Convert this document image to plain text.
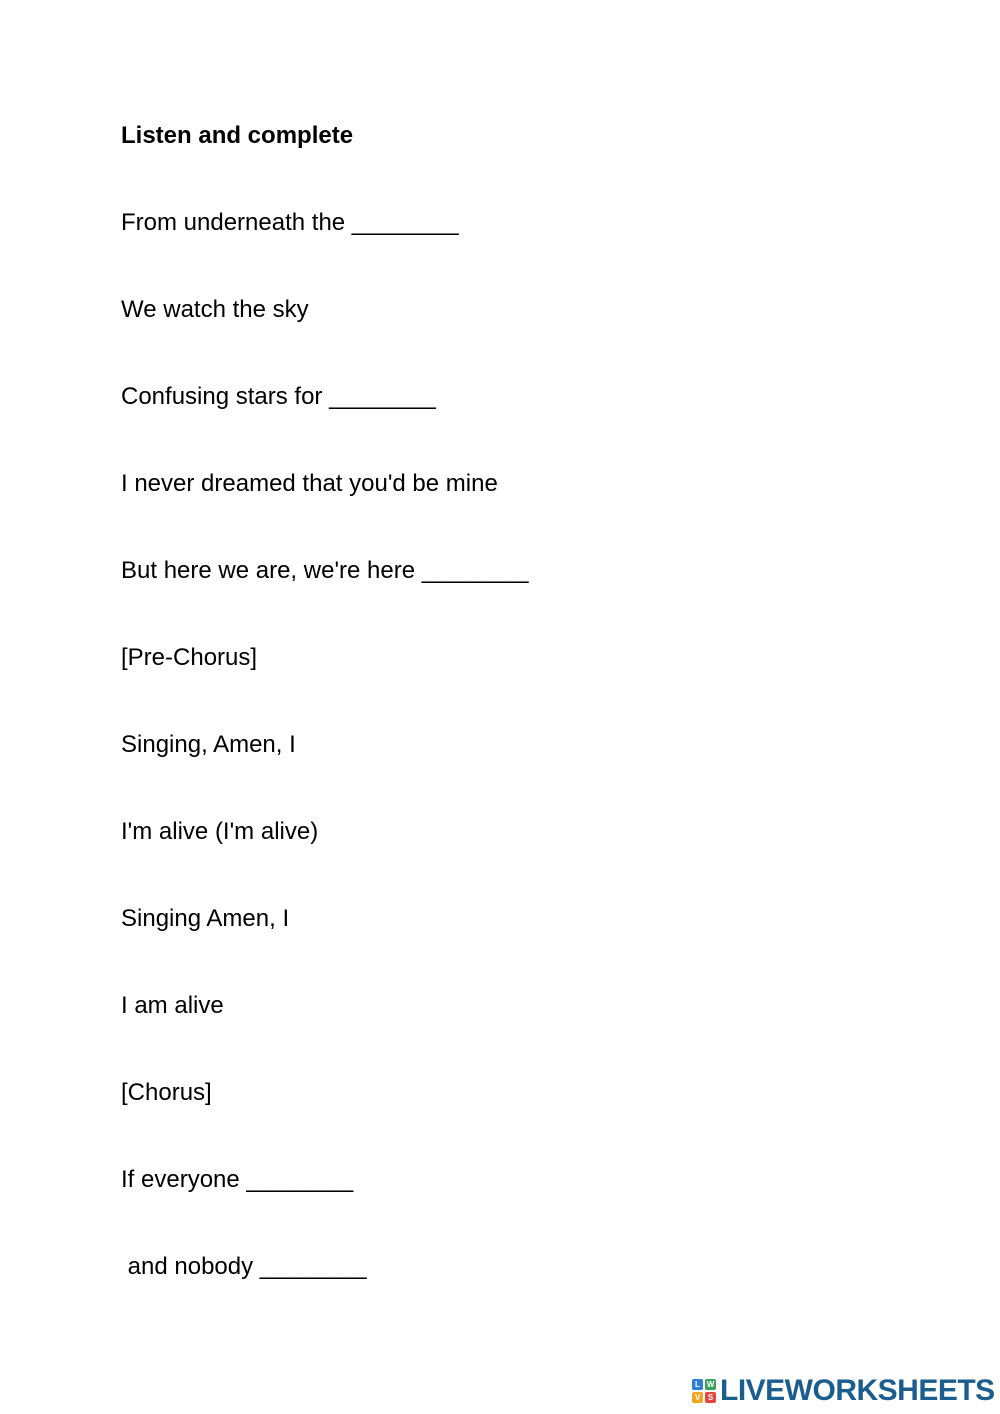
Listen and complete
From underneath the ________
We watch the sky
Confusing stars for ________
I never dreamed that you'd be mine
But here we are, we're here ________
[Pre-Chorus]
Singing, Amen, I
I'm alive (I'm alive)
Singing Amen, I
I am alive
[Chorus]
If everyone ________
and nobody ________
L W
V S LIVEWORKSHEETS
